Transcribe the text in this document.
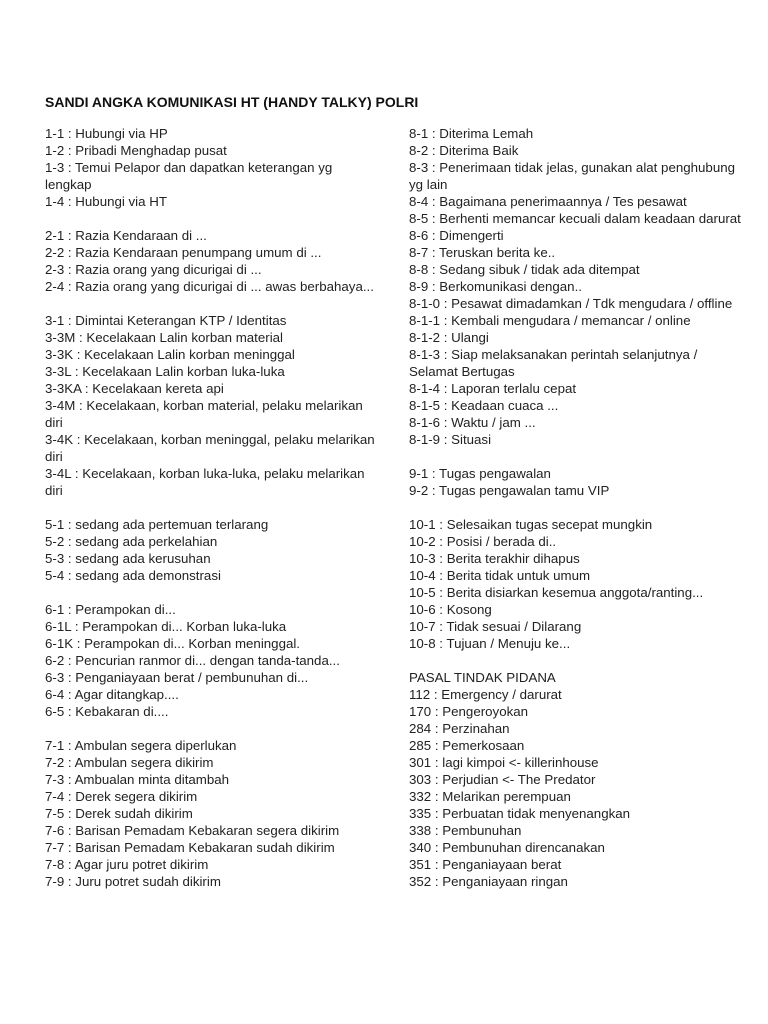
SANDI ANGKA KOMUNIKASI HT (HANDY TALKY) POLRI
1-1 : Hubungi via HP
1-2 : Pribadi Menghadap pusat
1-3 : Temui Pelapor dan dapatkan keterangan yg lengkap
1-4 : Hubungi via HT
2-1 : Razia Kendaraan di ...
2-2 : Razia Kendaraan penumpang umum di ...
2-3 : Razia orang yang dicurigai di ...
2-4 : Razia orang yang dicurigai di ... awas berbahaya...
3-1 : Dimintai Keterangan KTP / Identitas
3-3M : Kecelakaan Lalin korban material
3-3K : Kecelakaan Lalin korban meninggal
3-3L : Kecelakaan Lalin korban luka-luka
3-3KA : Kecelakaan kereta api
3-4M : Kecelakaan, korban material, pelaku melarikan diri
3-4K : Kecelakaan, korban meninggal, pelaku melarikan diri
3-4L : Kecelakaan, korban luka-luka, pelaku melarikan diri
5-1 : sedang ada pertemuan terlarang
5-2 : sedang ada perkelahian
5-3 : sedang ada kerusuhan
5-4 : sedang ada demonstrasi
6-1 : Perampokan di...
6-1L : Perampokan di... Korban luka-luka
6-1K : Perampokan di... Korban meninggal.
6-2 : Pencurian ranmor di... dengan tanda-tanda...
6-3 : Penganiayaan berat / pembunuhan di...
6-4 : Agar ditangkap....
6-5 : Kebakaran di....
7-1 : Ambulan segera diperlukan
7-2 : Ambulan segera dikirim
7-3 : Ambualan minta ditambah
7-4 : Derek segera dikirim
7-5 : Derek sudah dikirim
7-6 : Barisan Pemadam Kebakaran segera dikirim
7-7 : Barisan Pemadam Kebakaran sudah dikirim
7-8 : Agar juru potret dikirim
7-9 : Juru potret sudah dikirim
8-1 : Diterima Lemah
8-2 : Diterima Baik
8-3 : Penerimaan tidak jelas, gunakan alat penghubung yg lain
8-4 : Bagaimana penerimaannya / Tes pesawat
8-5 : Berhenti memancar kecuali dalam keadaan darurat
8-6 : Dimengerti
8-7 : Teruskan berita ke..
8-8 : Sedang sibuk / tidak ada ditempat
8-9 : Berkomunikasi dengan..
8-1-0 : Pesawat dimadamkan / Tdk mengudara / offline
8-1-1 : Kembali mengudara / memancar / online
8-1-2 : Ulangi
8-1-3 : Siap melaksanakan perintah selanjutnya / Selamat Bertugas
8-1-4 : Laporan terlalu cepat
8-1-5 : Keadaan cuaca ...
8-1-6 : Waktu / jam ...
8-1-9 : Situasi
9-1 : Tugas pengawalan
9-2 : Tugas pengawalan tamu VIP
10-1 : Selesaikan tugas secepat mungkin
10-2 : Posisi / berada di..
10-3 : Berita terakhir dihapus
10-4 : Berita tidak untuk umum
10-5 : Berita disiarkan kesemua anggota/ranting...
10-6 : Kosong
10-7 : Tidak sesuai / Dilarang
10-8 : Tujuan / Menuju ke...
PASAL TINDAK PIDANA
112 : Emergency / darurat
170 : Pengeroyokan
284 : Perzinahan
285 : Pemerkosaan
301 : lagi kimpoi <- killerinhouse
303 : Perjudian <- The Predator
332 : Melarikan perempuan
335 : Perbuatan tidak menyenangkan
338 : Pembunuhan
340 : Pembunuhan direncanakan
351 : Penganiayaan berat
352 : Penganiayaan ringan
